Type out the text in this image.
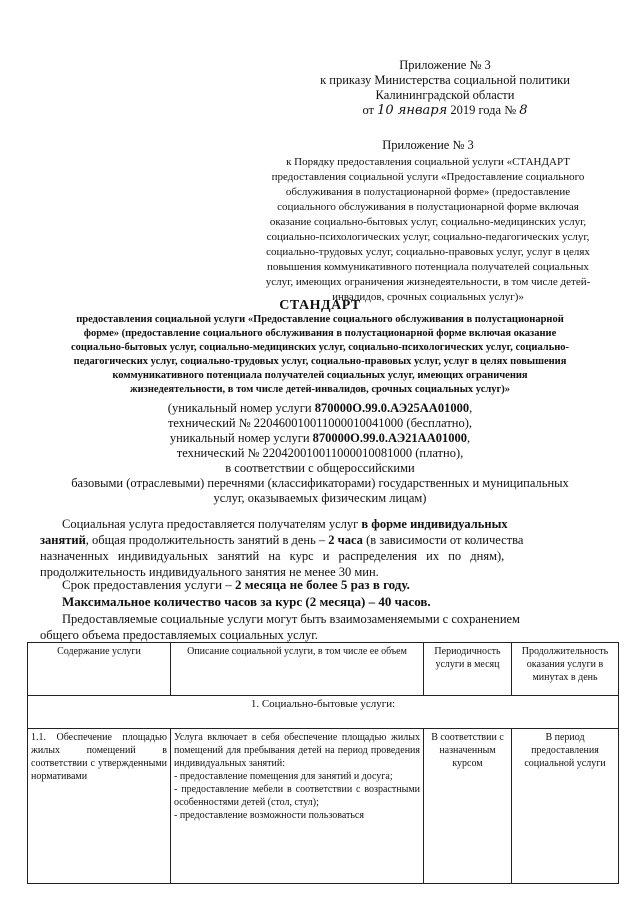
Приложение № 3
к приказу Министерства социальной политики
Калининградской области
от 10 января 2019 года № 8
Приложение № 3
к Порядку предоставления социальной услуги «СТАНДАРТ
предоставления социальной услуги «Предоставление социального
обслуживания в полустационарной форме» (предоставление
социального обслуживания в полустационарной форме включая
оказание социально-бытовых услуг, социально-медицинских услуг,
социально-психологических услуг, социально-педагогических услуг,
социально-трудовых услуг, социально-правовых услуг, услуг в целях
повышения коммуникативного потенциала получателей социальных
услуг, имеющих ограничения жизнедеятельности, в том числе детей-
инвалидов, срочных социальных услуг)»
СТАНДАРТ
предоставления социальной услуги «Предоставление социального обслуживания в полустационарной
форме» (предоставление социального обслуживания в полустационарной форме включая оказание
социально-бытовых услуг, социально-медицинских услуг, социально-психологических услуг, социально-
педагогических услуг, социально-трудовых услуг, социально-правовых услуг, услуг в целях повышения
коммуникативного потенциала получателей социальных услуг, имеющих ограничения
жизнедеятельности, в том числе детей-инвалидов, срочных социальных услуг)»
(уникальный номер услуги 870000О.99.0.АЭ25АА01000,
технический № 220460010011000010041000 (бесплатно),
уникальный номер услуги 870000О.99.0.АЭ21АА01000,
технический № 220420010011000010081000 (платно),
в соответствии с общероссийскими
базовыми (отраслевыми) перечнями (классификаторами) государственных и муниципальных
услуг, оказываемых физическим лицам)
Социальная услуга предоставляется получателям услуг в форме индивидуальных
занятий, общая продолжительность занятий в день – 2 часа (в зависимости от количества
назначенных индивидуальных занятий на курс и распределения их по дням),
продолжительность индивидуального занятия не менее 30 мин.
Срок предоставления услуги – 2 месяца не более 5 раз в году.
Максимальное количество часов за курс (2 месяца) – 40 часов.
Предоставляемые социальные услуги могут быть взаимозаменяемыми с сохранением
общего объема предоставляемых социальных услуг.
Содержание услуги	Описание социальной услуги, в том числе ее объем	Периодичность услуги в месяц	Продолжительность оказания услуги в минутах в день
1. Социально-бытовые услуги:			
1.1. Обеспечение площадью жилых помещений в соответствии с утвержденными нормативами	Услуга включает в себя обеспечение площадью жилых помещений для пребывания детей на период проведения индивидуальных занятий:
- предоставление помещения для занятий и досуга;
- предоставление мебели в соответствии с возрастными особенностями детей (стол, стул);
- предоставление возможности пользоваться	В соответствии с назначенным курсом	В период предоставления социальной услуги
